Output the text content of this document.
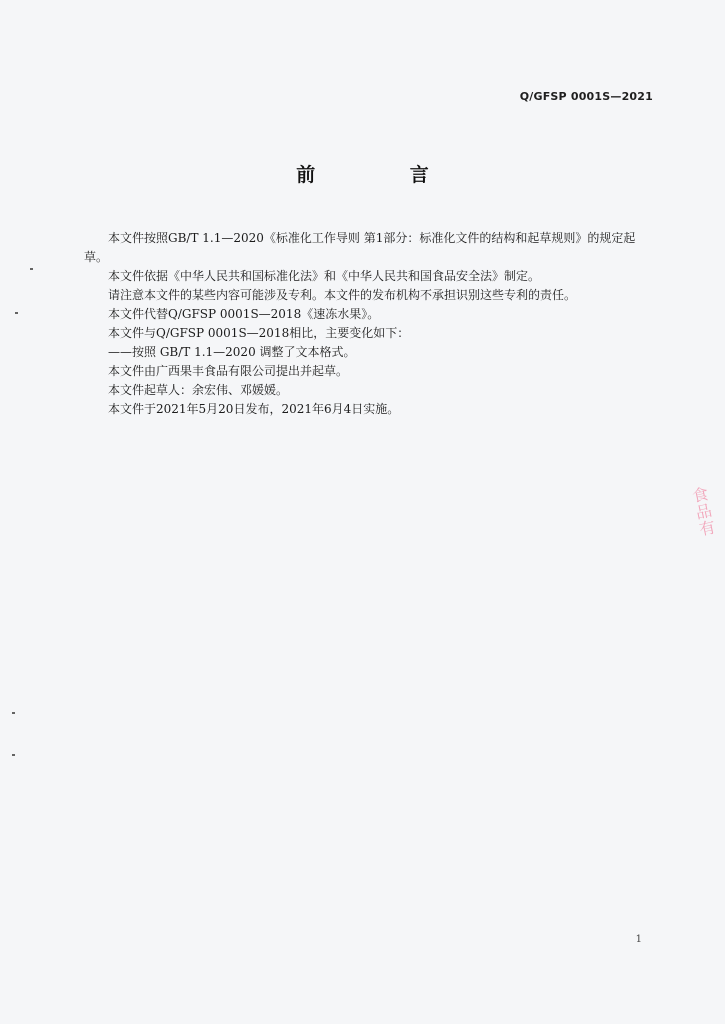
Q/GFSP 0001S—2021
前 言

本文件按照GB/T 1.1—2020《标准化工作导则 第1部分：标准化文件的结构和起草规则》的规定起草。

本文件依据《中华人民共和国标准化法》和《中华人民共和国食品安全法》制定。

请注意本文件的某些内容可能涉及专利。本文件的发布机构不承担识别这些专利的责任。

本文件代替Q/GFSP 0001S—2018《速冻水果》。

本文件与Q/GFSP 0001S—2018相比，主要变化如下：

——按照 GB/T 1.1—2020 调整了文本格式。

本文件由广西果丰食品有限公司提出并起草。

本文件起草人：余宏伟、邓媛媛。

本文件于2021年5月20日发布，2021年6月4日实施。

1
食品有
